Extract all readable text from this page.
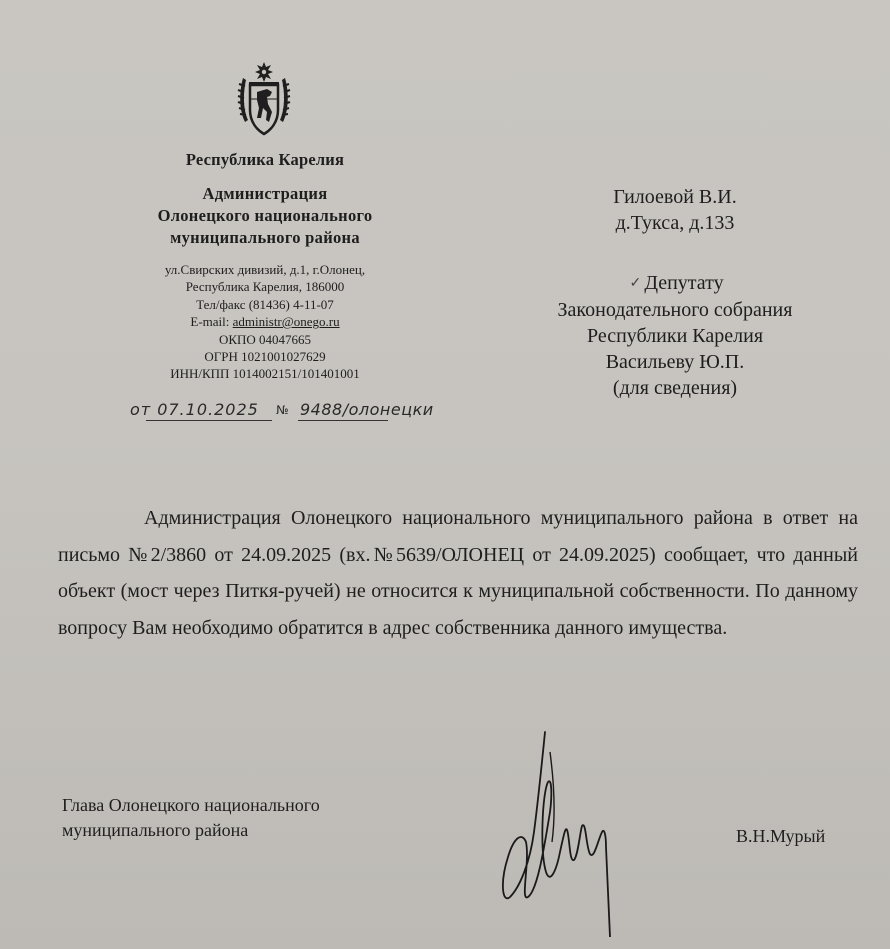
Республика Карелия
Администрация
Олонецкого национального
муниципального района
ул.Свирских дивизий, д.1, г.Олонец,
Республика Карелия, 186000
Тел/факс (81436) 4-11-07
E-mail: administr@onego.ru
ОКПО 04047665
ОГРН 1021001027629
ИНН/КПП 1014002151/101401001
от 07.10.2025 № 9488/олонецки
Гилоевой В.И.
д.Тукса, д.133
✓ Депутату
Законодательного собрания
Республики Карелия
Васильеву Ю.П.
(для сведения)
Администрация Олонецкого национального муниципального района в ответ на письмо №2/3860 от 24.09.2025 (вх.№5639/ОЛОНЕЦ от 24.09.2025) сообщает, что данный объект (мост через Питкя-ручей) не относится к муниципальной собственности. По данному вопросу Вам необходимо обратится в адрес собственника данного имущества.
Глава Олонецкого национального
муниципального района	В.Н.Мурый
